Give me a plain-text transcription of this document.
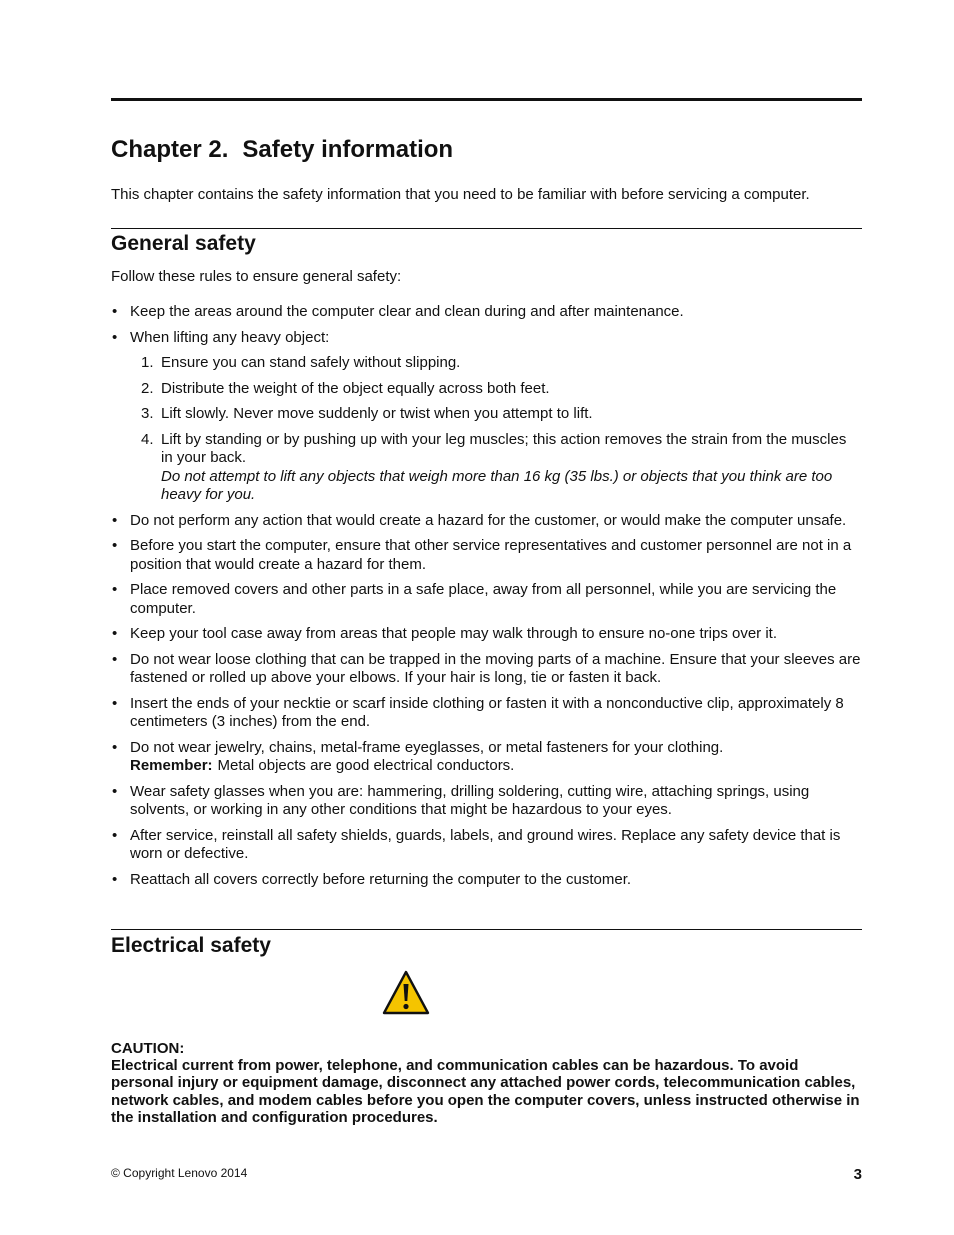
Chapter 2. Safety information

This chapter contains the safety information that you need to be familiar with before servicing a computer.

General safety

Follow these rules to ensure general safety:

• Keep the areas around the computer clear and clean during and after maintenance.
• When lifting any heavy object:
1. Ensure you can stand safely without slipping.
2. Distribute the weight of the object equally across both feet.
3. Lift slowly. Never move suddenly or twist when you attempt to lift.
4. Lift by standing or by pushing up with your leg muscles; this action removes the strain from the muscles in your back.
Do not attempt to lift any objects that weigh more than 16 kg (35 lbs.) or objects that you think are too heavy for you.
• Do not perform any action that would create a hazard for the customer, or would make the computer unsafe.
• Before you start the computer, ensure that other service representatives and customer personnel are not in a position that would create a hazard for them.
• Place removed covers and other parts in a safe place, away from all personnel, while you are servicing the computer.
• Keep your tool case away from areas that people may walk through to ensure no-one trips over it.
• Do not wear loose clothing that can be trapped in the moving parts of a machine. Ensure that your sleeves are fastened or rolled up above your elbows. If your hair is long, tie or fasten it back.
• Insert the ends of your necktie or scarf inside clothing or fasten it with a nonconductive clip, approximately 8 centimeters (3 inches) from the end.
• Do not wear jewelry, chains, metal-frame eyeglasses, or metal fasteners for your clothing.
Remember: Metal objects are good electrical conductors.
• Wear safety glasses when you are: hammering, drilling soldering, cutting wire, attaching springs, using solvents, or working in any other conditions that might be hazardous to your eyes.
• After service, reinstall all safety shields, guards, labels, and ground wires. Replace any safety device that is worn or defective.
• Reattach all covers correctly before returning the computer to the customer.
Electrical safety

CAUTION:

Electrical current from power, telephone, and communication cables can be hazardous. To avoid personal injury or equipment damage, disconnect any attached power cords, telecommunication cables, network cables, and modem cables before you open the computer covers, unless instructed otherwise in the installation and configuration procedures.

© Copyright Lenovo 2014	3
